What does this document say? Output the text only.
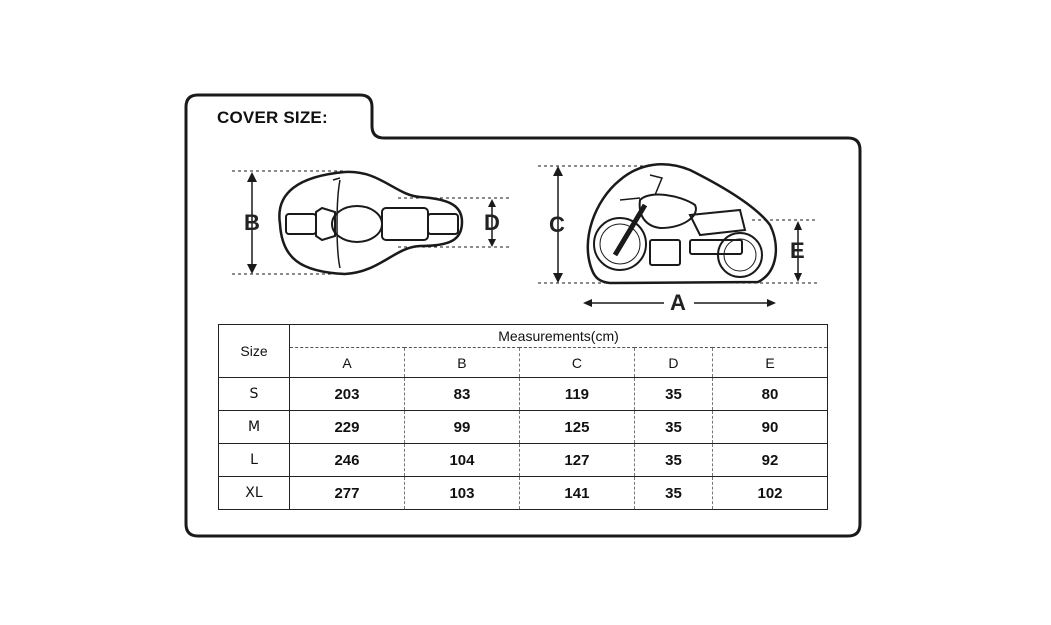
COVER SIZE:
B	D C
E
A
Size	Measurements(cm)				
	A	B	C	D	E
S	203	83	119	35	80
M	229	99	125	35	90
L	246	104	127	35	92
XL	277	103	141	35	102
